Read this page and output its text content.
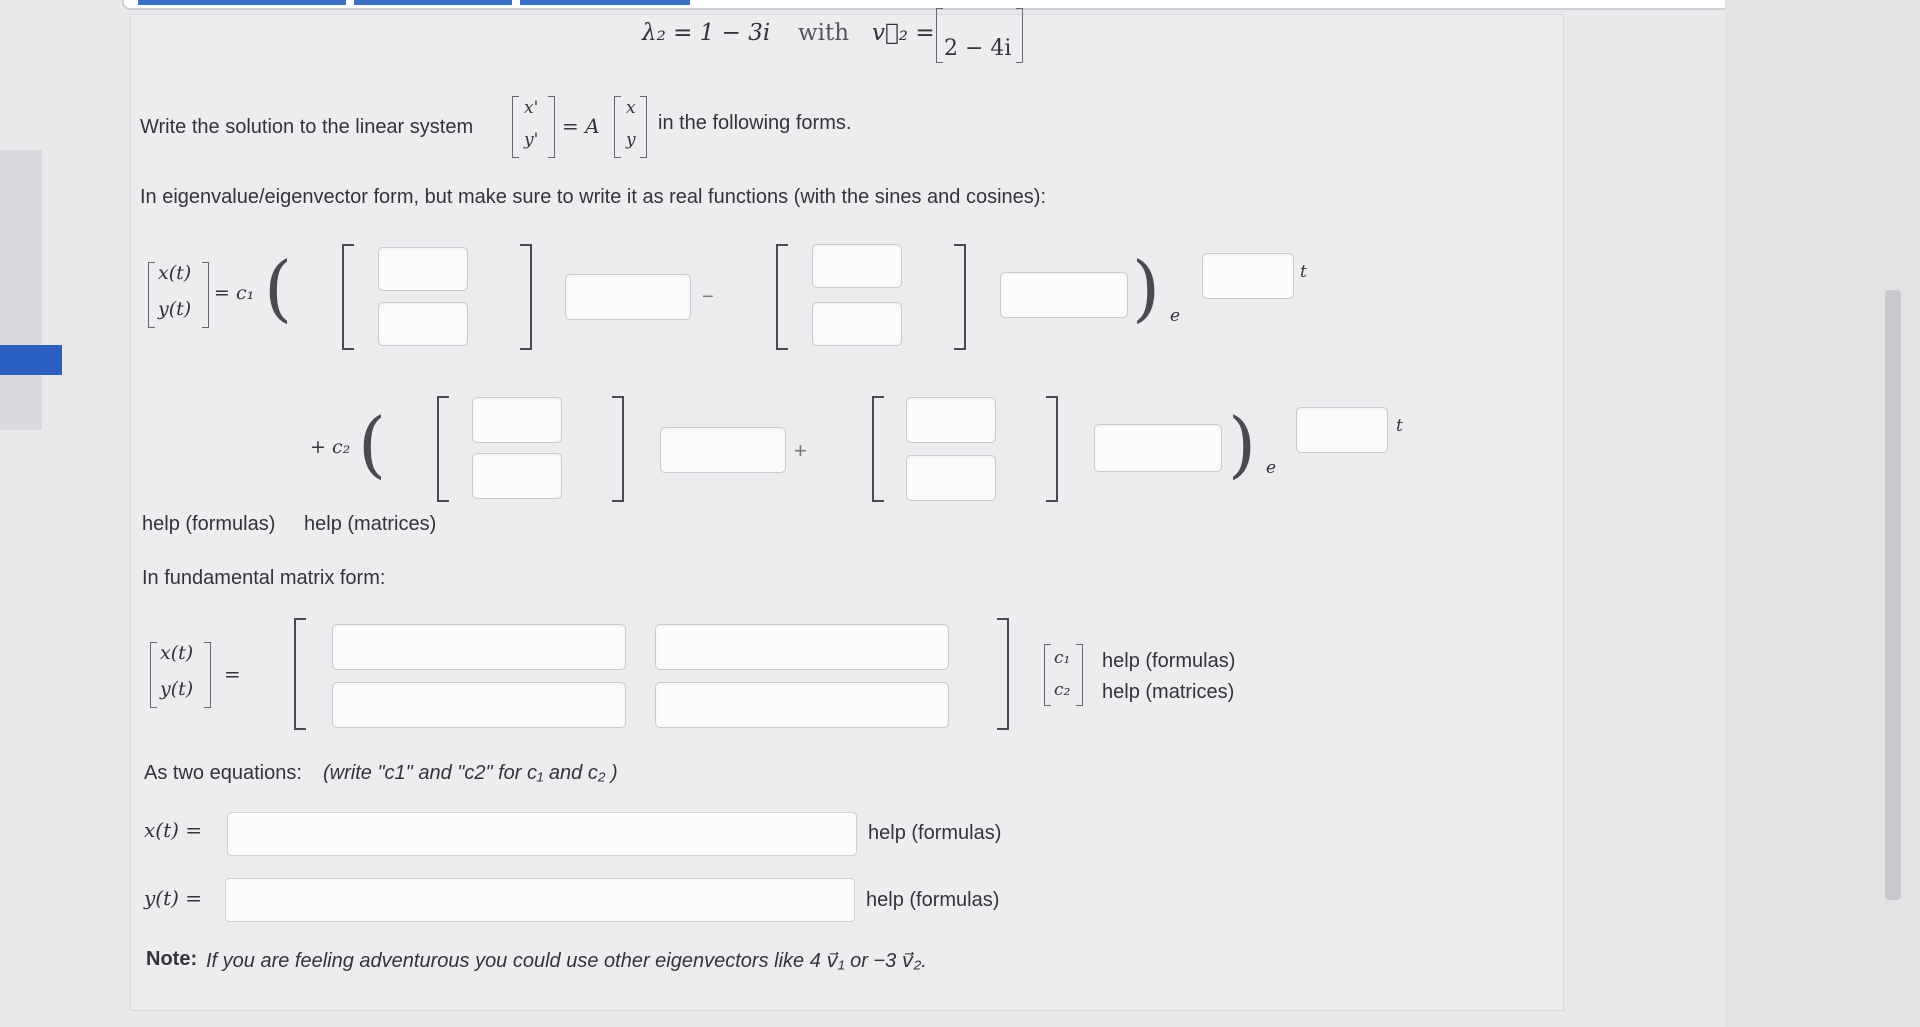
λ₂ = 1 − 3i with v⃗₂ =
2 − 4i
Write the solution to the linear system
x'
y'
= A
x
y
in the following forms.
In eigenvalue/eigenvector form, but make sure to write it as real functions (with the sines and cosines):
x(t)
y(t)
= c₁ (	−	) e
t
+ c₂ (	+	) e
t
help (formulas) help (matrices)
In fundamental matrix form:
x(t)
y(t)
=
c₁
c₂
help (formulas)
help (matrices)
As two equations: (write "c1" and "c2" for c₁ and c₂ )
x(t) =	help (formulas)
y(t) =	help (formulas)
Note: If you are feeling adventurous you could use other eigenvectors like 4 v⃗₁ or −3 v⃗₂.
